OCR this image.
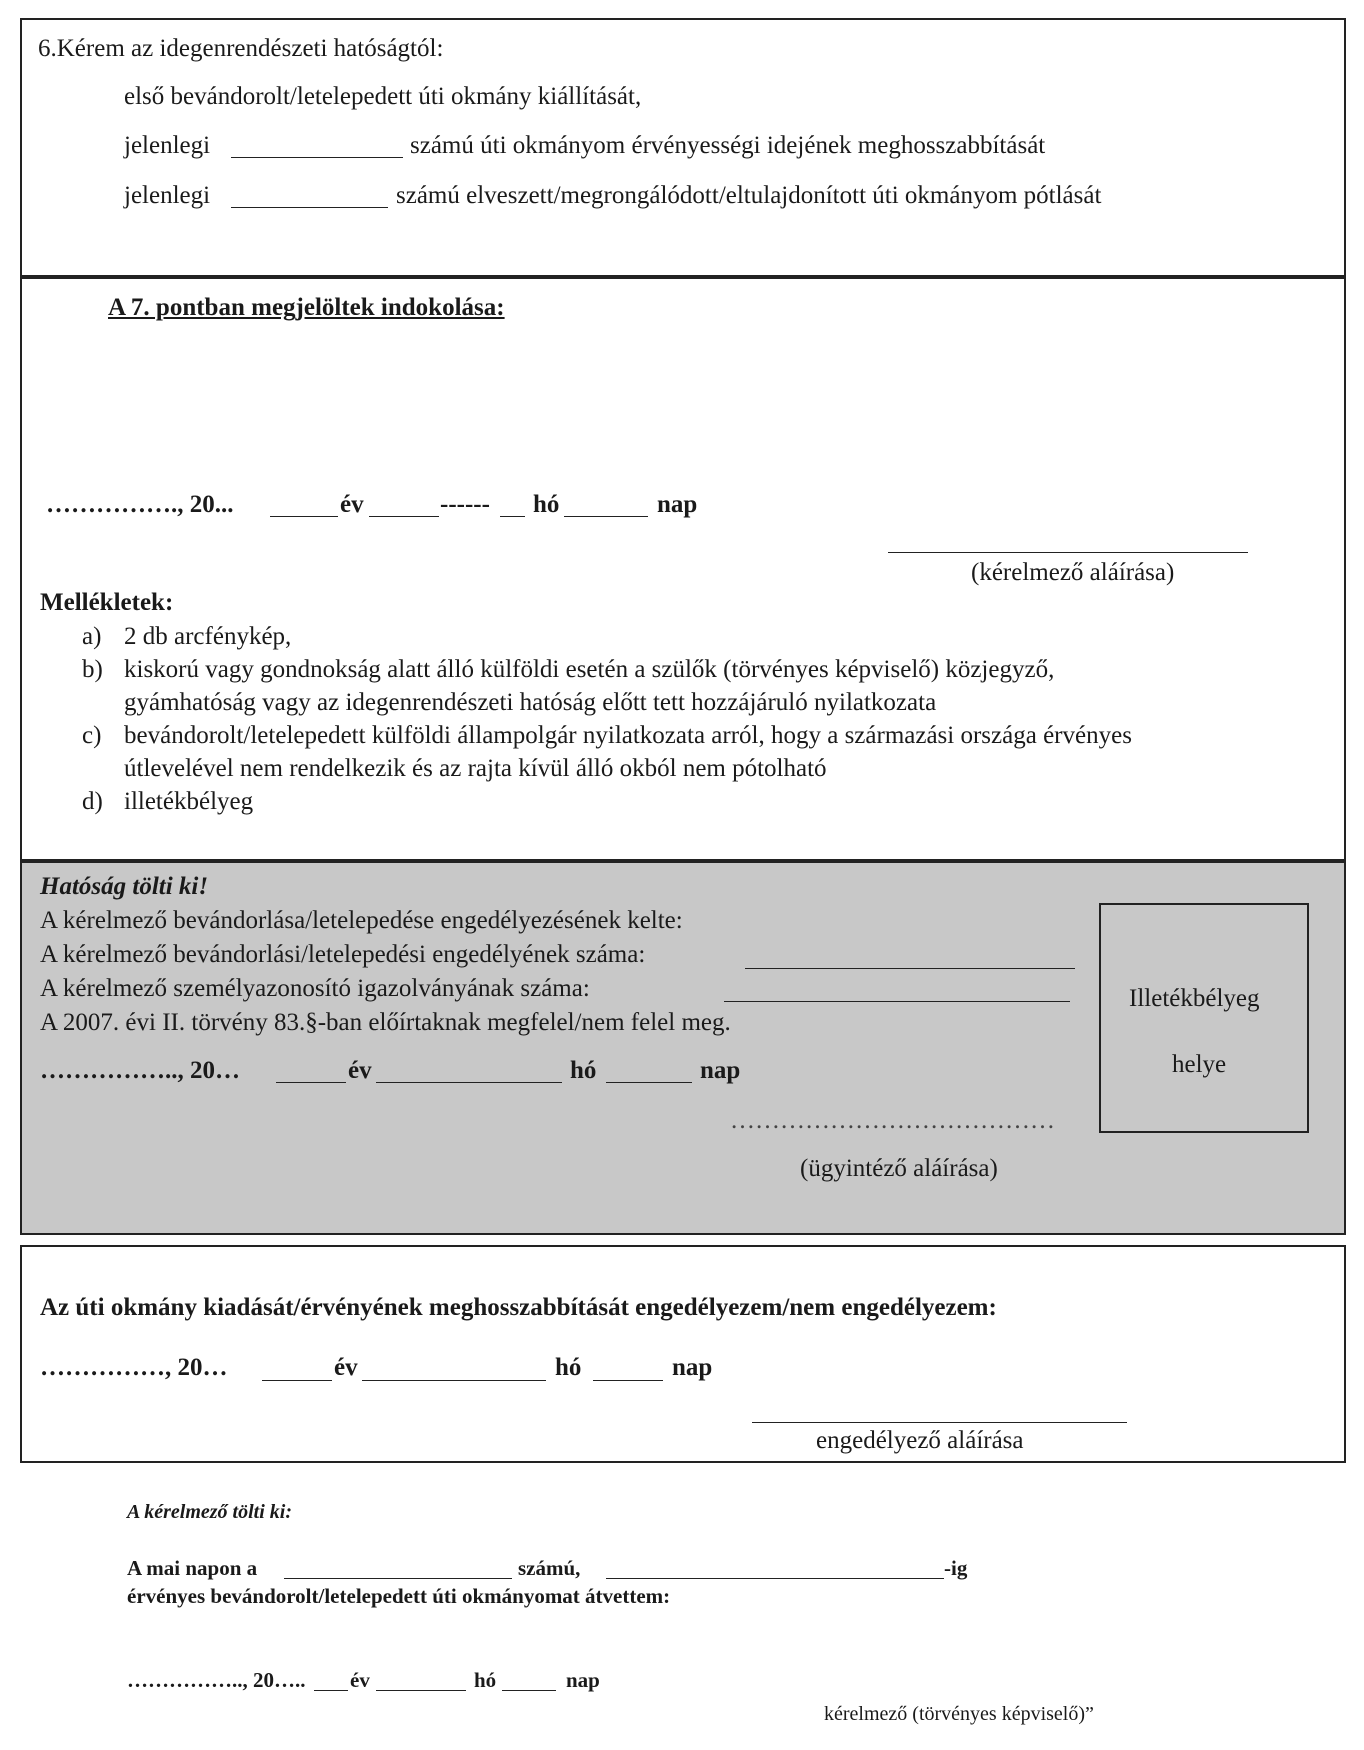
6.Kérem az idegenrendészeti hatóságtól:
első bevándorolt/letelepedett úti okmány kiállítását,
jelenlegi	számú úti okmányom érvényességi idejének meghosszabbítását
jelenlegi	számú elveszett/megrongálódott/eltulajdonított úti okmányom pótlását
A 7. pontban megjelöltek indokolása:
……………., 20...	év	------ hó	nap
(kérelmező aláírása)
Mellékletek:
a) 2 db arcfénykép,
b) kiskorú vagy gondnokság alatt álló külföldi esetén a szülők (törvényes képviselő) közjegyző,
gyámhatóság vagy az idegenrendészeti hatóság előtt tett hozzájáruló nyilatkozata
c) bevándorolt/letelepedett külföldi állampolgár nyilatkozata arról, hogy a származási országa érvényes
útlevelével nem rendelkezik és az rajta kívül álló okból nem pótolható
d) illetékbélyeg
Hatóság tölti ki!
A kérelmező bevándorlása/letelepedése engedélyezésének kelte:
A kérelmező bevándorlási/letelepedési engedélyének száma:
A kérelmező személyazonosító igazolványának száma:
A 2007. évi II. törvény 83.§-ban előírtaknak megfelel/nem felel meg.
…………….., 20…	év	hó	nap
…………………………………
(ügyintéző aláírása)
Illetékbélyeg
helye
Az úti okmány kiadását/érvényének meghosszabbítását engedélyezem/nem engedélyezem:
……………, 20…	év	hó	nap
engedélyező aláírása
A kérelmező tölti ki:
A mai napon a	számú,	-ig
érvényes bevándorolt/letelepedett úti okmányomat átvettem:
…………….., 20….. év	hó	nap
kérelmező (törvényes képviselő)”
